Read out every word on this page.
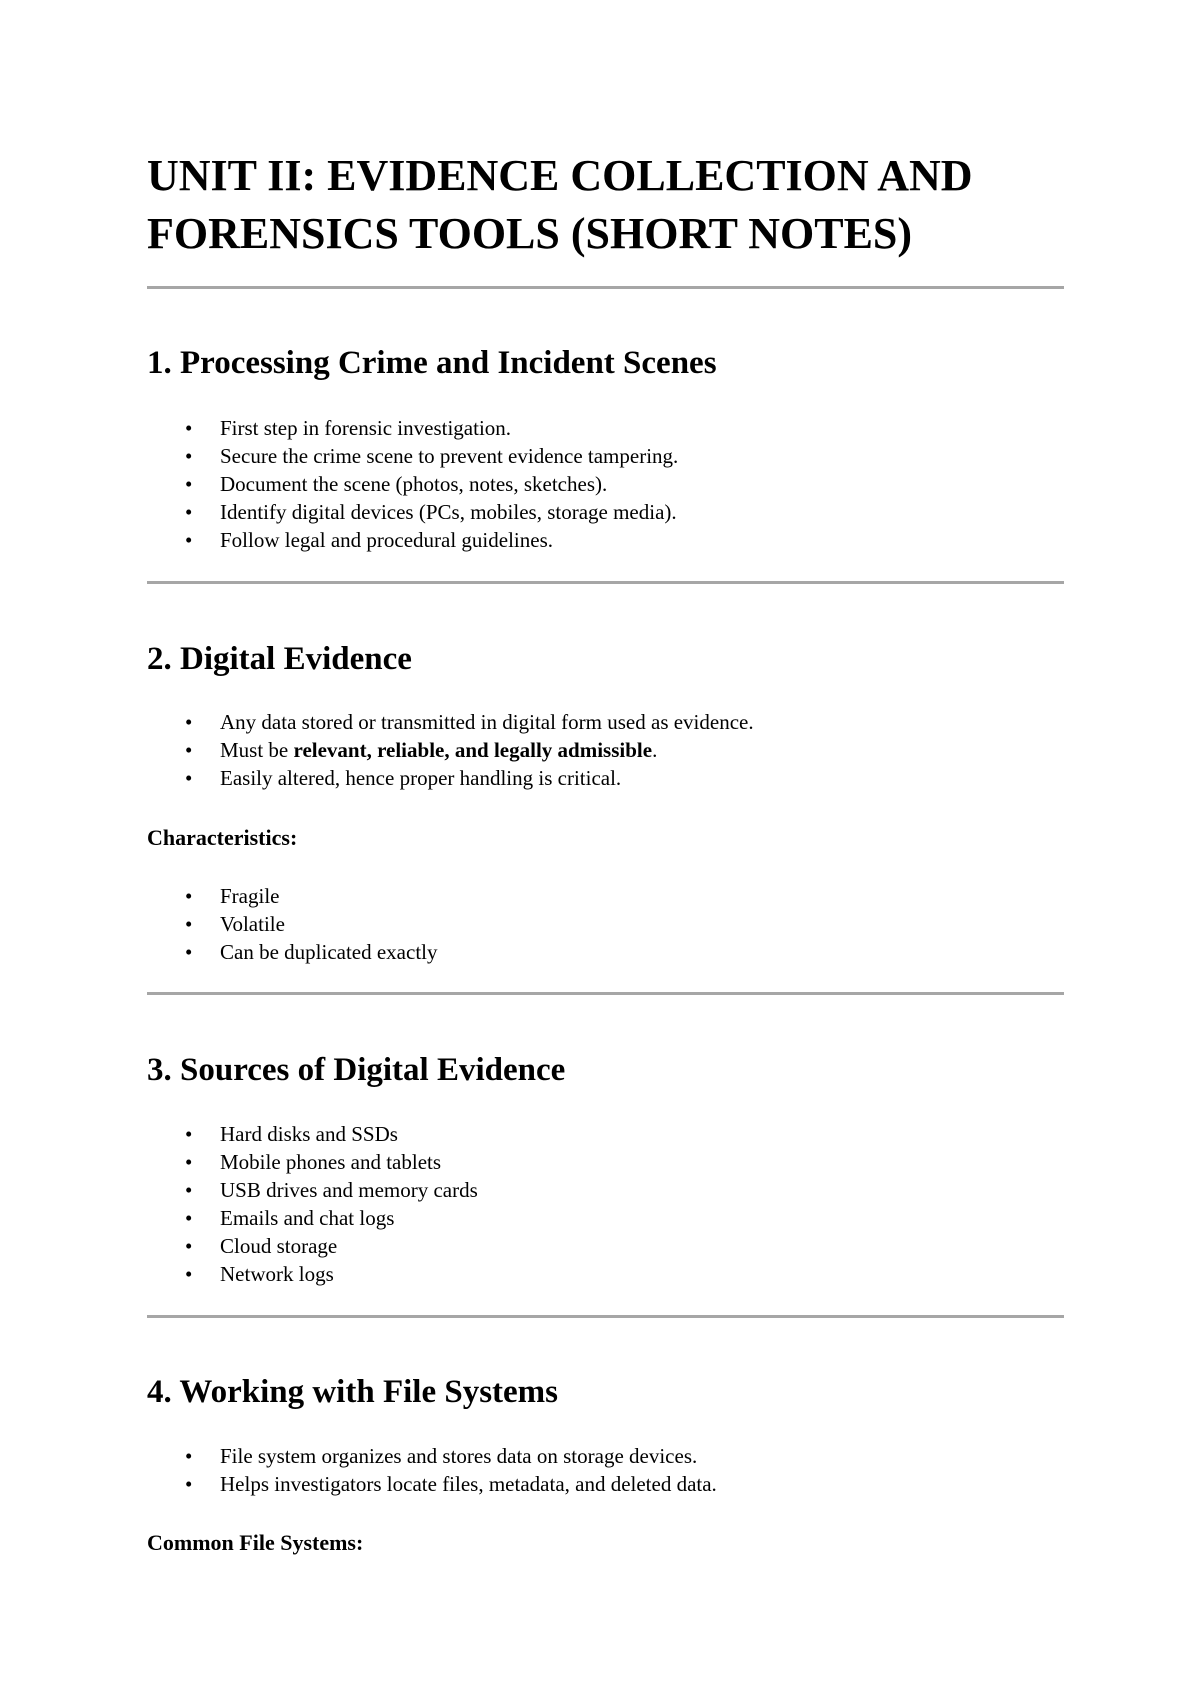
UNIT II: EVIDENCE COLLECTION AND FORENSICS TOOLS (SHORT NOTES)
1. Processing Crime and Incident Scenes
• First step in forensic investigation.
• Secure the crime scene to prevent evidence tampering.
• Document the scene (photos, notes, sketches).
• Identify digital devices (PCs, mobiles, storage media).
• Follow legal and procedural guidelines.
2. Digital Evidence
• Any data stored or transmitted in digital form used as evidence.
• Must be relevant, reliable, and legally admissible.
• Easily altered, hence proper handling is critical.

Characteristics:

• Fragile
• Volatile
• Can be duplicated exactly
3. Sources of Digital Evidence
• Hard disks and SSDs
• Mobile phones and tablets
• USB drives and memory cards
• Emails and chat logs
• Cloud storage
• Network logs
4. Working with File Systems
• File system organizes and stores data on storage devices.
• Helps investigators locate files, metadata, and deleted data.

Common File Systems:
